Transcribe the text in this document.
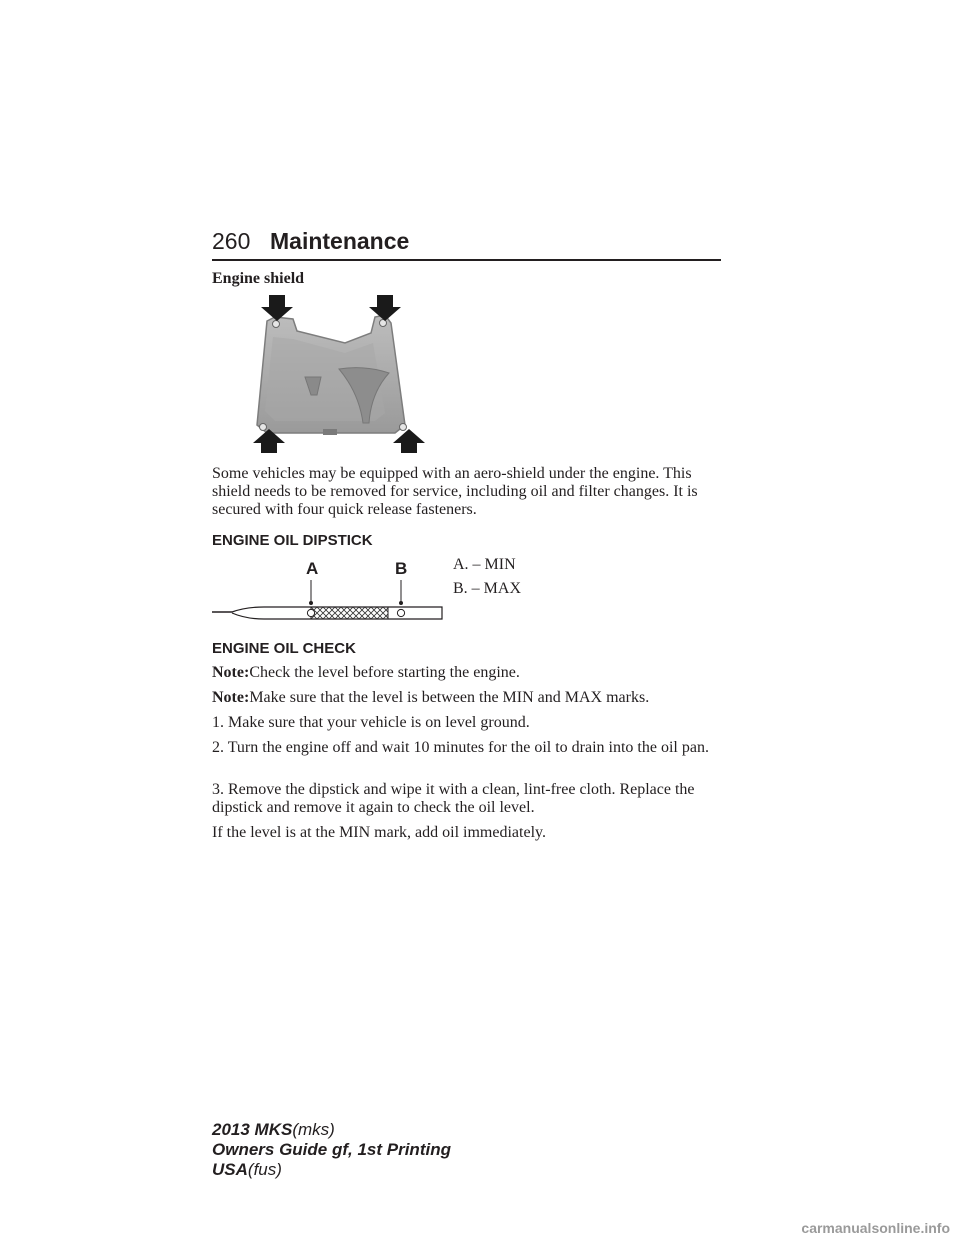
260 Maintenance
Engine shield
Some vehicles may be equipped with an aero-shield under the engine. This shield needs to be removed for service, including oil and filter changes. It is secured with four quick release fasteners.
ENGINE OIL DIPSTICK
A	B	A. – MIN
B. – MAX
ENGINE OIL CHECK
Note:Check the level before starting the engine.
Note:Make sure that the level is between the MIN and MAX marks.
1. Make sure that your vehicle is on level ground.
2. Turn the engine off and wait 10 minutes for the oil to drain into the oil pan.
3. Remove the dipstick and wipe it with a clean, lint-free cloth. Replace the dipstick and remove it again to check the oil level.
If the level is at the MIN mark, add oil immediately.
2013 MKS(mks)
Owners Guide gf, 1st Printing
USA(fus)
carmanualsonline.info
